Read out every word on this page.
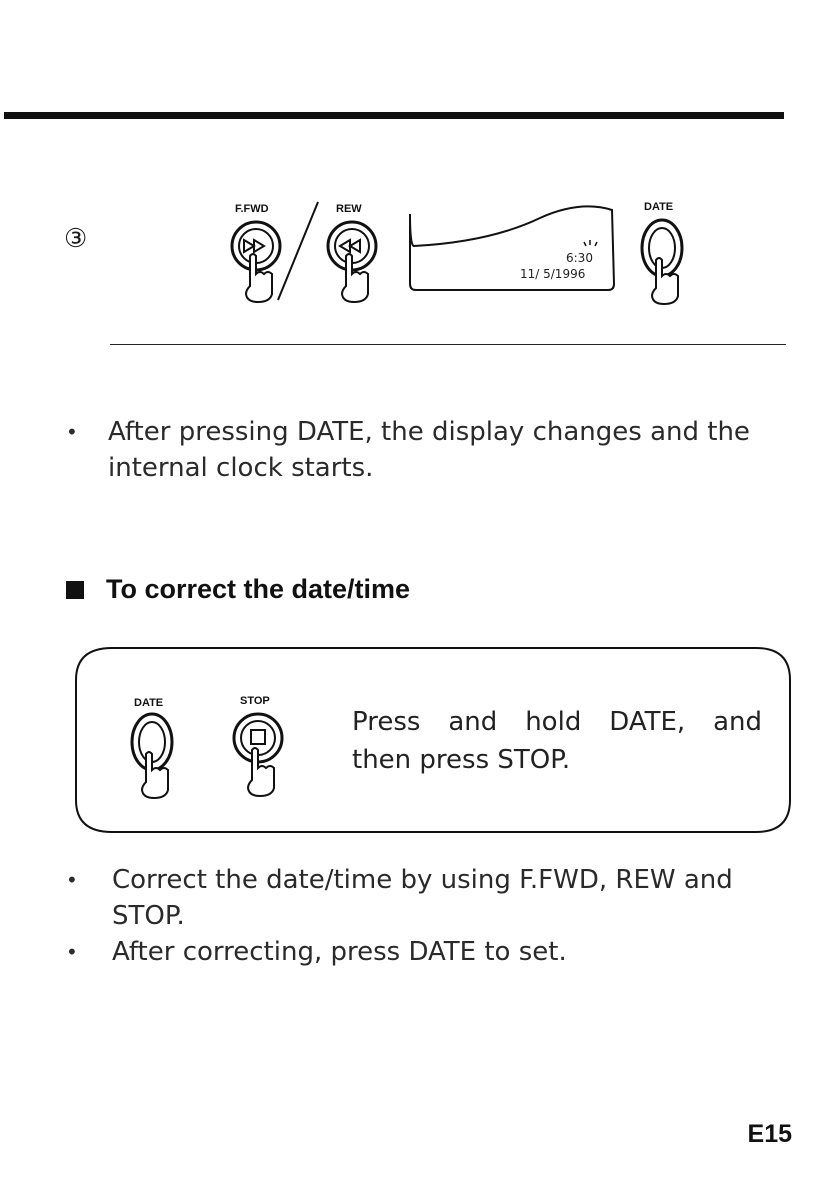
③
F.FWD	REW
6:30
11/ 5/1996
DATE
• After pressing DATE, the display changes and the
internal clock starts.
To correct the date/time
DATE	STOP
Press and hold DATE, and
then press STOP.
• Correct the date/time by using F.FWD, REW and
STOP.
• After correcting, press DATE to set.
E15
